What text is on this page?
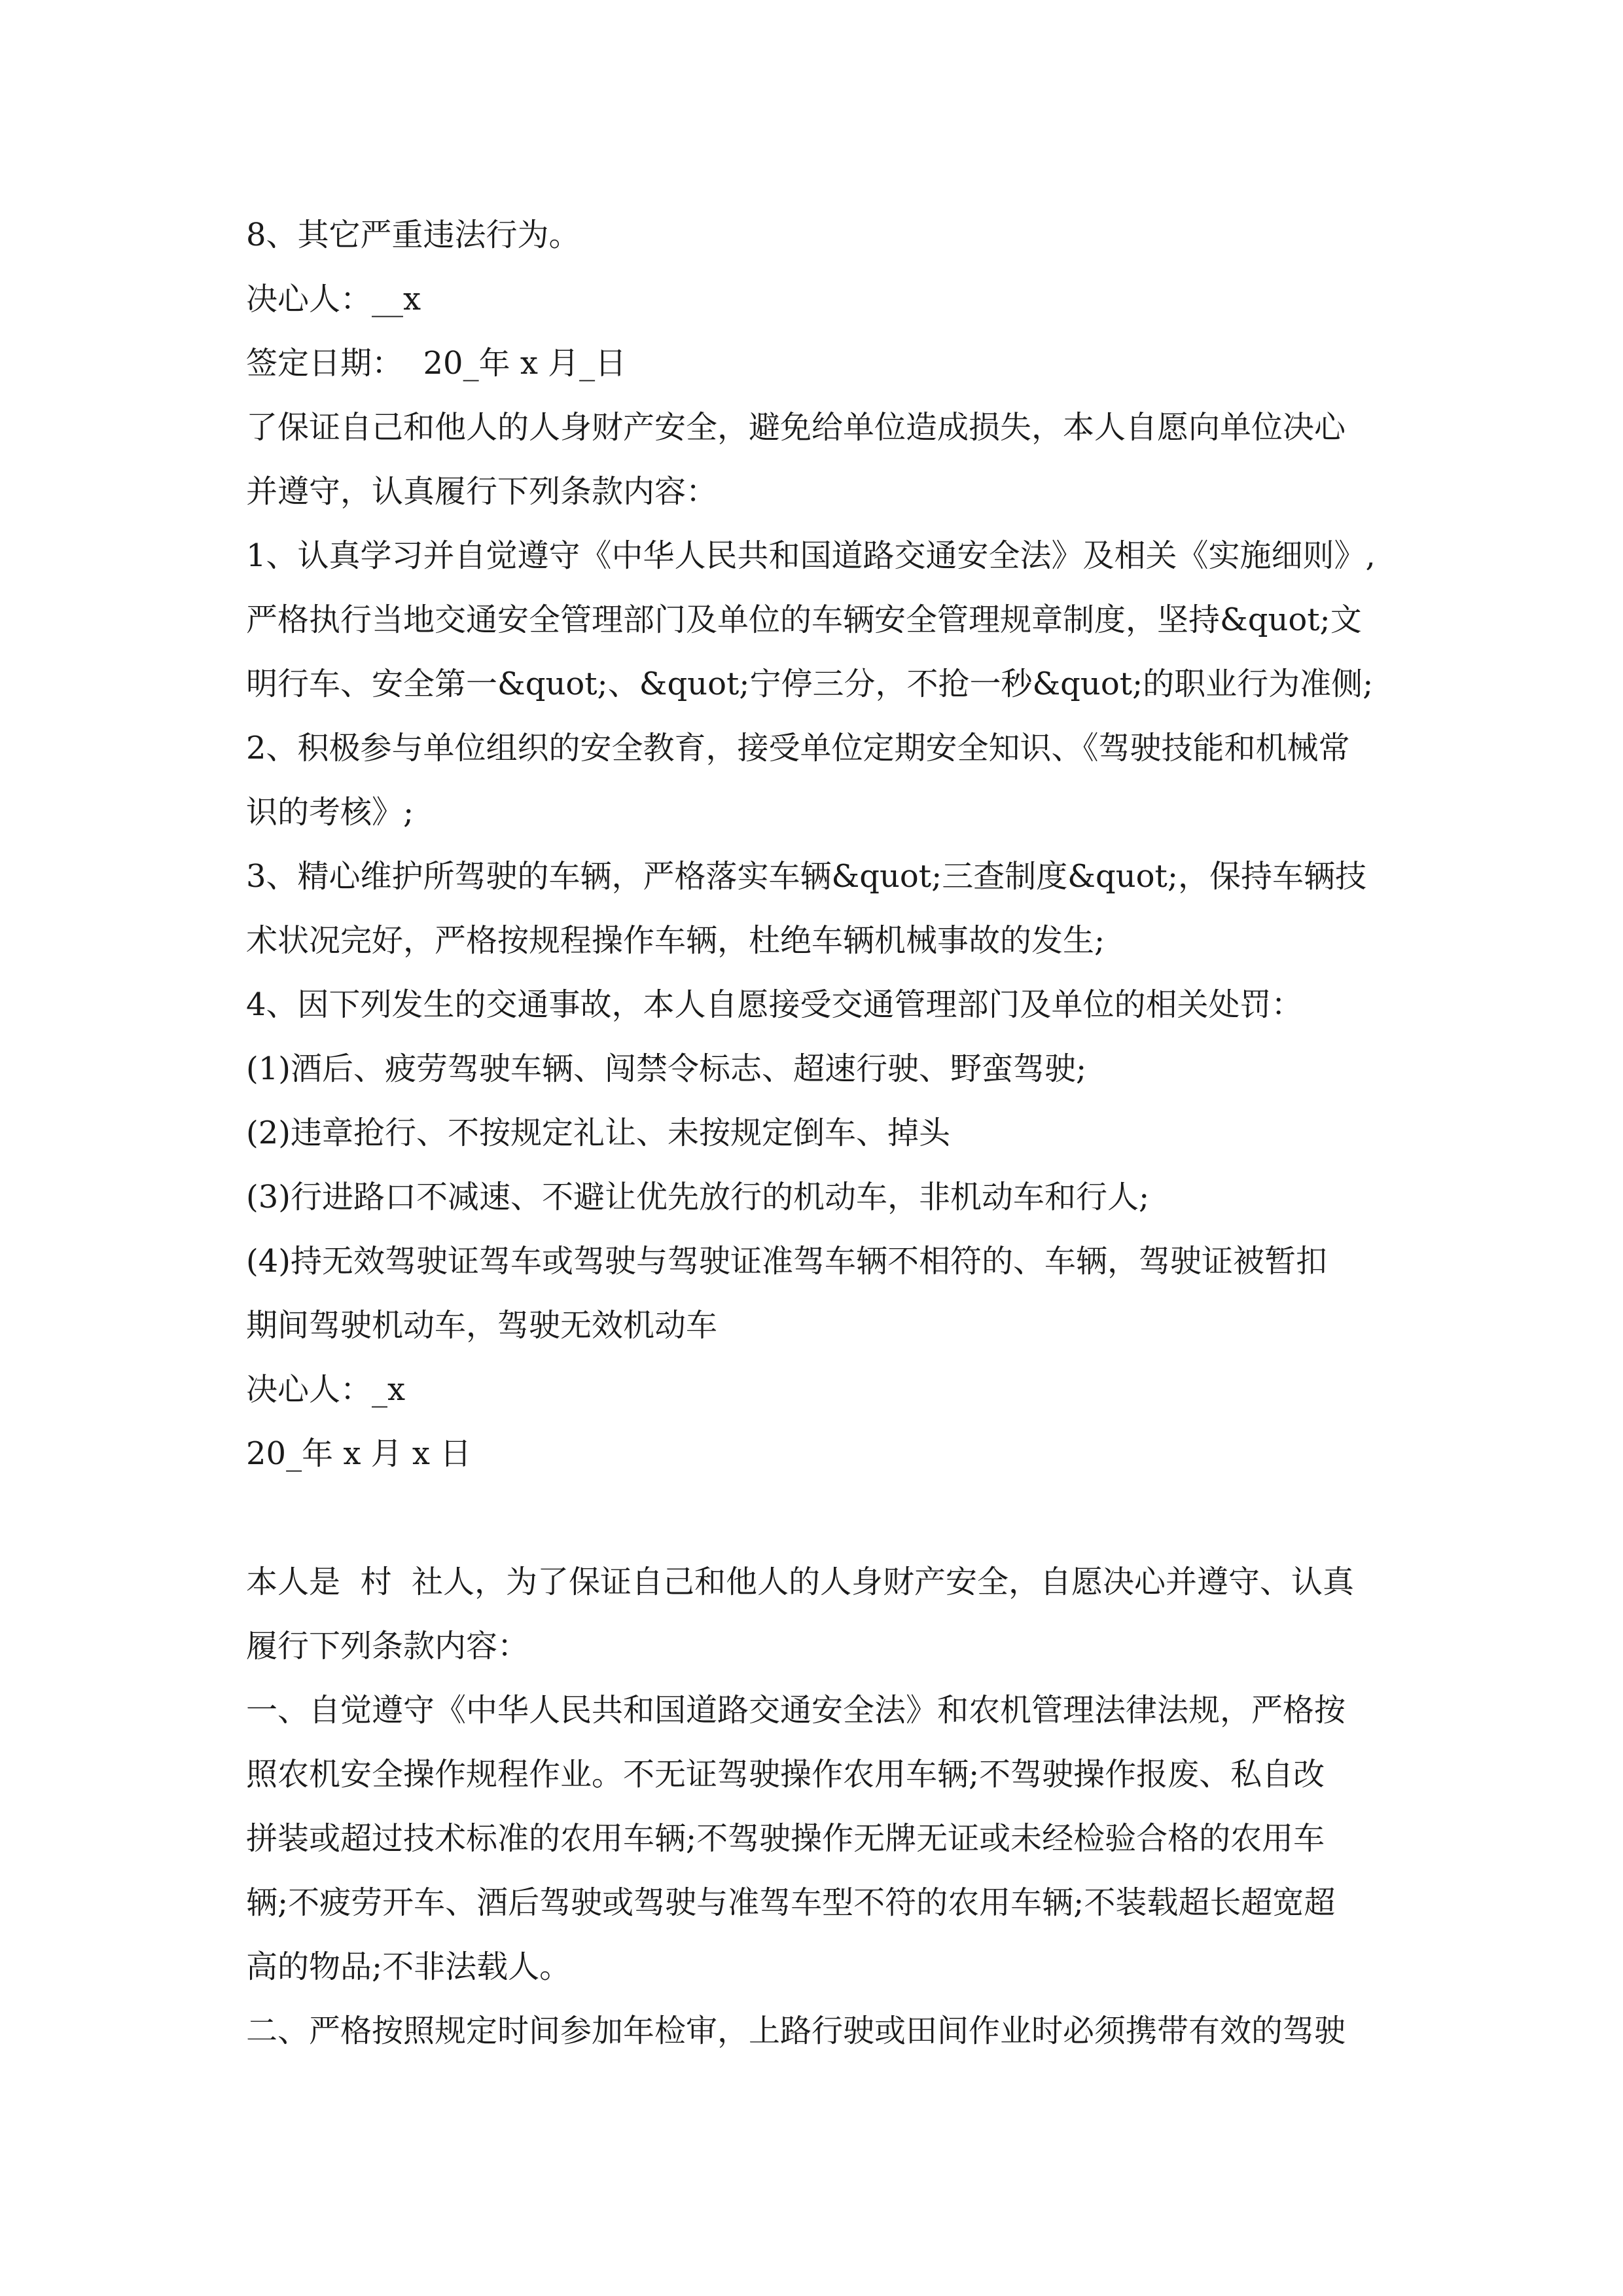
8、其它严重违法行为。
决心人：__x
签定日期：  20_年 x 月_日
了保证自己和他人的人身财产安全，避免给单位造成损失，本人自愿向单位决心
并遵守，认真履行下列条款内容：
1、认真学习并自觉遵守《中华人民共和国道路交通安全法》及相关《实施细则》,
严格执行当地交通安全管理部门及单位的车辆安全管理规章制度，坚持&quot;文
明行车、安全第一&quot;、&quot;宁停三分，不抢一秒&quot;的职业行为准侧;
2、积极参与单位组织的安全教育，接受单位定期安全知识、《驾驶技能和机械常
识的考核》;
3、精心维护所驾驶的车辆，严格落实车辆&quot;三查制度&quot;，保持车辆技
术状况完好，严格按规程操作车辆，杜绝车辆机械事故的发生;
4、因下列发生的交通事故，本人自愿接受交通管理部门及单位的相关处罚：
(1)酒后、疲劳驾驶车辆、闯禁令标志、超速行驶、野蛮驾驶;
(2)违章抢行、不按规定礼让、未按规定倒车、掉头
(3)行进路口不减速、不避让优先放行的机动车，非机动车和行人;
(4)持无效驾驶证驾车或驾驶与驾驶证准驾车辆不相符的、车辆，驾驶证被暂扣
期间驾驶机动车，驾驶无效机动车
决心人：_x
20_年 x 月 x 日
本人是  村  社人，为了保证自己和他人的人身财产安全，自愿决心并遵守、认真
履行下列条款内容：
一、自觉遵守《中华人民共和国道路交通安全法》和农机管理法律法规，严格按
照农机安全操作规程作业。不无证驾驶操作农用车辆;不驾驶操作报废、私自改
拼装或超过技术标准的农用车辆;不驾驶操作无牌无证或未经检验合格的农用车
辆;不疲劳开车、酒后驾驶或驾驶与准驾车型不符的农用车辆;不装载超长超宽超
高的物品;不非法载人。
二、严格按照规定时间参加年检审，上路行驶或田间作业时必须携带有效的驾驶
